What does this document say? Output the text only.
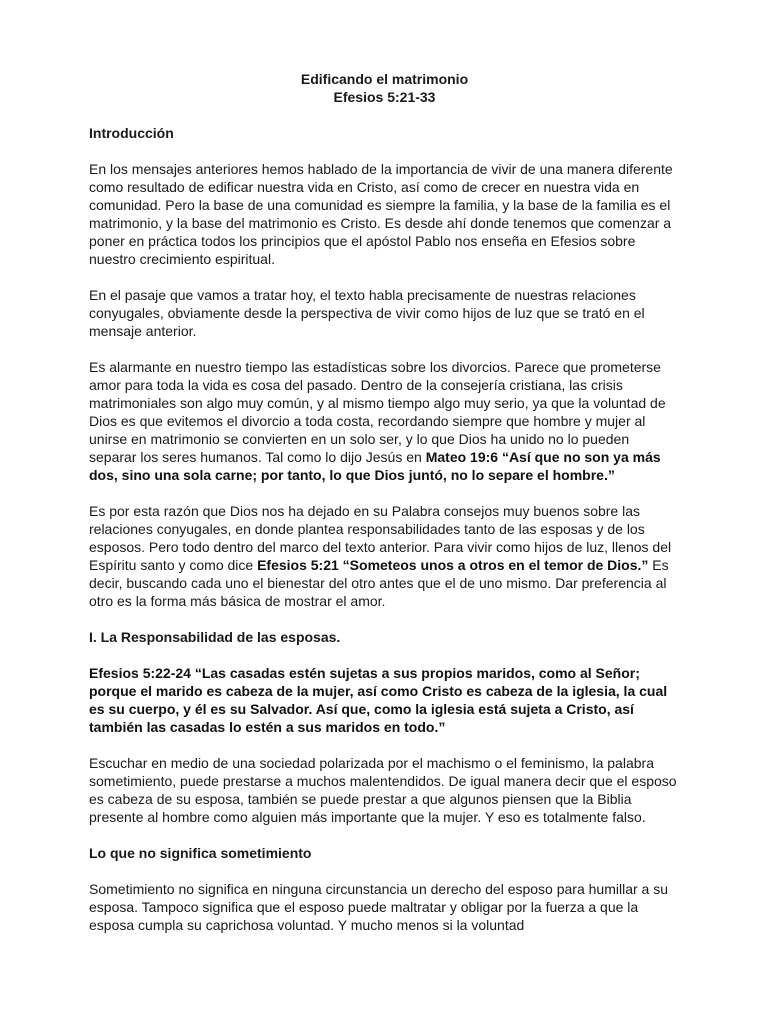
Edificando el matrimonio
Efesios 5:21-33
Introducción
En los mensajes anteriores hemos hablado de la importancia de vivir de una manera diferente como resultado de edificar nuestra vida en Cristo, así como de crecer en nuestra vida en comunidad. Pero la base de una comunidad es siempre la familia, y la base de la familia es el matrimonio, y la base del matrimonio es Cristo. Es desde ahí donde tenemos que comenzar a poner en práctica todos los principios que el apóstol Pablo nos enseña en Efesios sobre nuestro crecimiento espiritual.
En el pasaje que vamos a tratar hoy, el texto habla precisamente de nuestras relaciones conyugales, obviamente desde la perspectiva de vivir como hijos de luz que se trató en el mensaje anterior.
Es alarmante en nuestro tiempo las estadísticas sobre los divorcios. Parece que prometerse amor para toda la vida es cosa del pasado. Dentro de la consejería cristiana, las crisis matrimoniales son algo muy común, y al mismo tiempo algo muy serio, ya que la voluntad de Dios es que evitemos el divorcio a toda costa, recordando siempre que hombre y mujer al unirse en matrimonio se convierten en un solo ser, y lo que Dios ha unido no lo pueden separar los seres humanos. Tal como lo dijo Jesús en Mateo 19:6 “Así que no son ya más dos, sino una sola carne; por tanto, lo que Dios juntó, no lo separe el hombre.”
Es por esta razón que Dios nos ha dejado en su Palabra consejos muy buenos sobre las relaciones conyugales, en donde plantea responsabilidades tanto de las esposas y de los esposos. Pero todo dentro del marco del texto anterior. Para vivir como hijos de luz, llenos del Espíritu santo y como dice Efesios 5:21 “Someteos unos a otros en el temor de Dios.” Es decir, buscando cada uno el bienestar del otro antes que el de uno mismo. Dar preferencia al otro es la forma más básica de mostrar el amor.
I. La Responsabilidad de las esposas.
Efesios 5:22-24 “Las casadas estén sujetas a sus propios maridos, como al Señor; porque el marido es cabeza de la mujer, así como Cristo es cabeza de la iglesia, la cual es su cuerpo, y él es su Salvador. Así que, como la iglesia está sujeta a Cristo, así también las casadas lo estén a sus maridos en todo.”
Escuchar en medio de una sociedad polarizada por el machismo o el feminismo, la palabra sometimiento, puede prestarse a muchos malentendidos. De igual manera decir que el esposo es cabeza de su esposa, también se puede prestar a que algunos piensen que la Biblia presente al hombre como alguien más importante que la mujer. Y eso es totalmente falso.
Lo que no significa sometimiento
Sometimiento no significa en ninguna circunstancia un derecho del esposo para humillar a su esposa. Tampoco significa que el esposo puede maltratar y obligar por la fuerza a que la esposa cumpla su caprichosa voluntad. Y mucho menos si la voluntad
